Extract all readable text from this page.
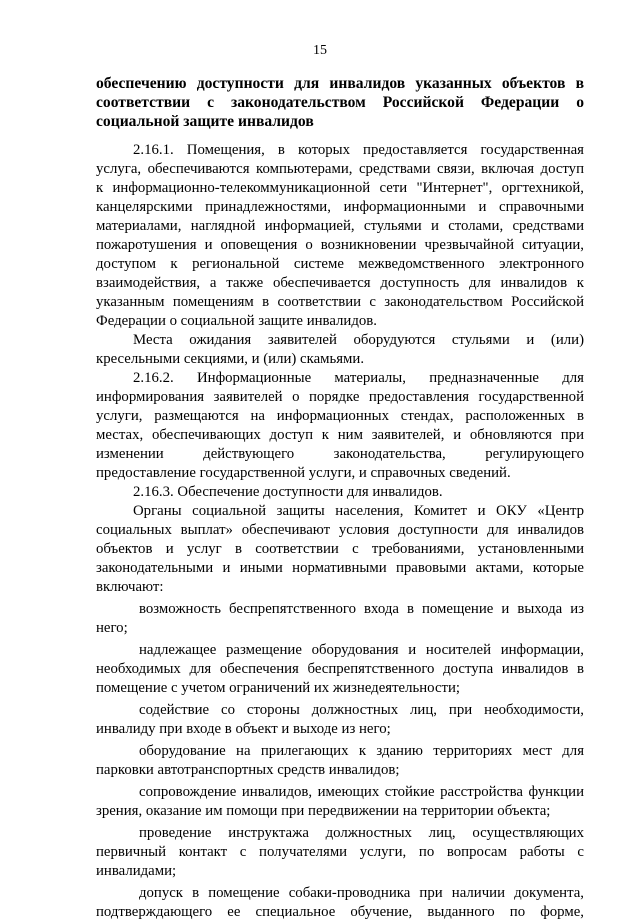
15
обеспечению доступности для инвалидов указанных объектов в
соответствии с законодательством Российской Федерации о
социальной защите инвалидов
2.16.1. Помещения, в которых предоставляется государственная
услуга, обеспечиваются компьютерами, средствами связи, включая доступ
к информационно-телекоммуникационной сети "Интернет", оргтехникой,
канцелярскими принадлежностями, информационными и справочными
материалами, наглядной информацией, стульями и столами, средствами
пожаротушения и оповещения о возникновении чрезвычайной ситуации,
доступом к региональной системе межведомственного электронного
взаимодействия, а также обеспечивается доступность для инвалидов к
указанным помещениям в соответствии с законодательством Российской
Федерации о социальной защите инвалидов.
Места ожидания заявителей оборудуются стульями и (или)
кресельными секциями, и (или) скамьями.
2.16.2. Информационные материалы, предназначенные для
информирования заявителей о порядке предоставления государственной
услуги, размещаются на информационных стендах, расположенных в
местах, обеспечивающих доступ к ним заявителей, и обновляются при
изменении действующего законодательства, регулирующего
предоставление государственной услуги, и справочных сведений.
2.16.3. Обеспечение доступности для инвалидов.
Органы социальной защиты населения, Комитет и ОКУ «Центр
социальных выплат» обеспечивают условия доступности для инвалидов
объектов и услуг в соответствии с требованиями, установленными
законодательными и иными нормативными правовыми актами, которые
включают:
возможность беспрепятственного входа в помещение и выхода из
него;
надлежащее размещение оборудования и носителей информации,
необходимых для обеспечения беспрепятственного доступа инвалидов в
помещение с учетом ограничений их жизнедеятельности;
содействие со стороны должностных лиц, при необходимости,
инвалиду при входе в объект и выходе из него;
оборудование на прилегающих к зданию территориях мест для
парковки автотранспортных средств инвалидов;
сопровождение инвалидов, имеющих стойкие расстройства функции
зрения, оказание им помощи при передвижении на территории объекта;
проведение инструктажа должностных лиц, осуществляющих
первичный контакт с получателями услуги, по вопросам работы с
инвалидами;
допуск в помещение собаки-проводника при наличии документа,
подтверждающего ее специальное обучение, выданного по форме,
